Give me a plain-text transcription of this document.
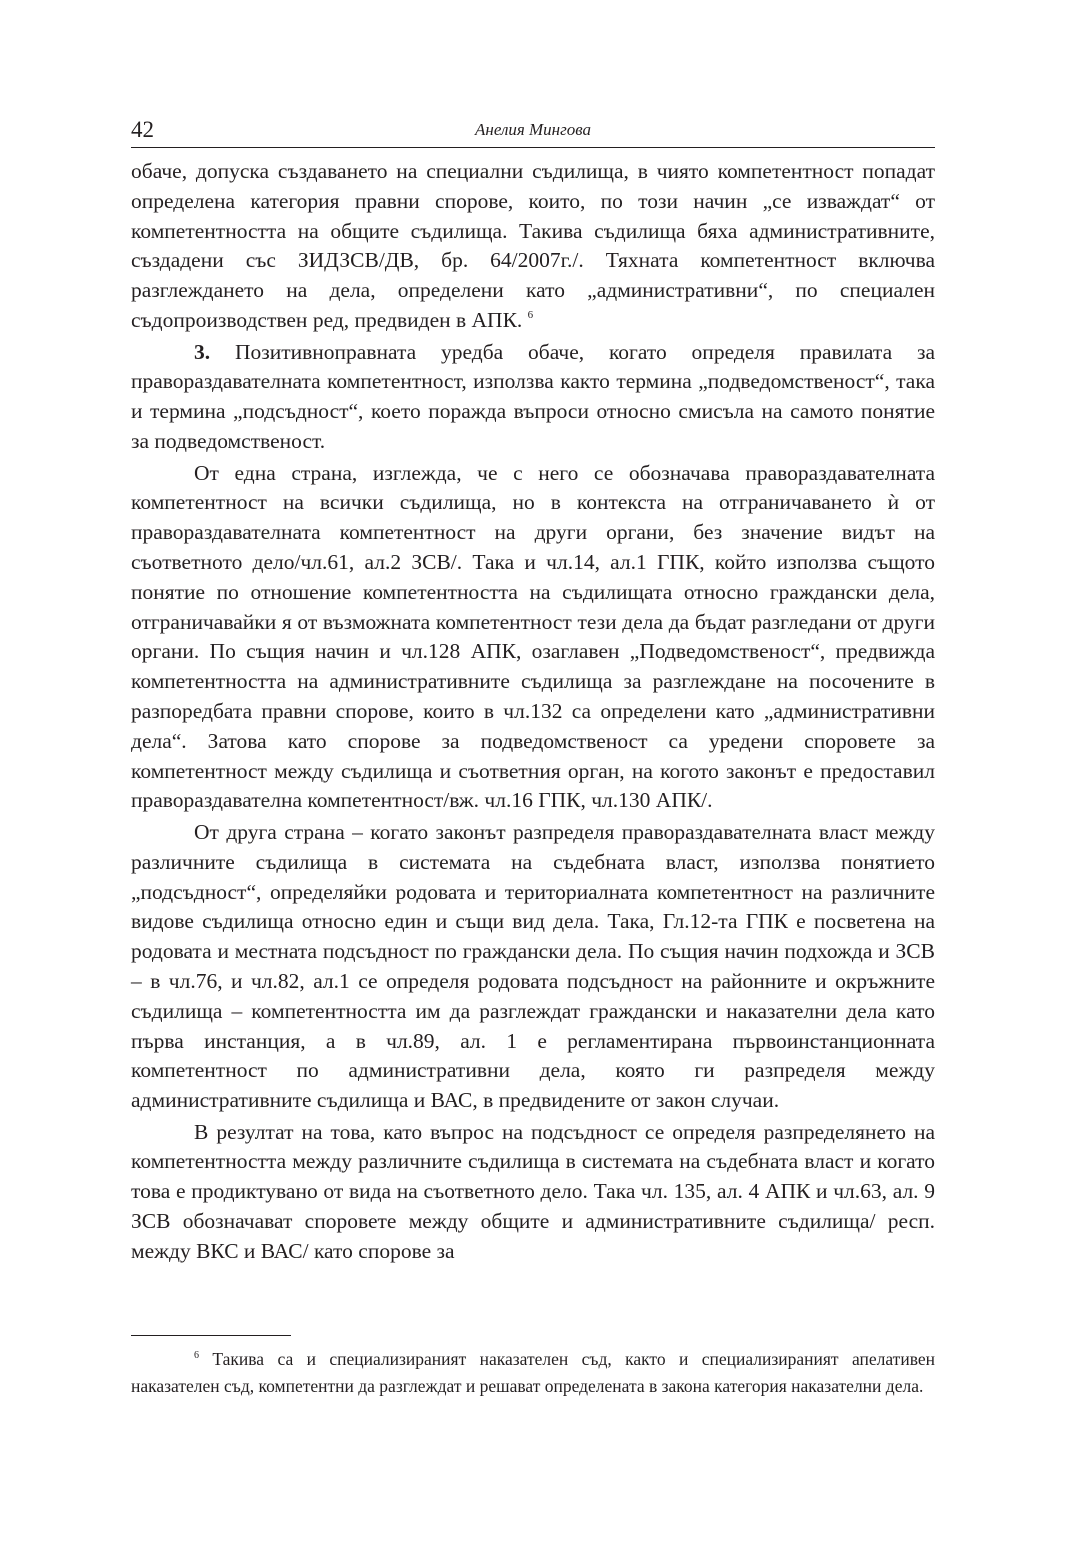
42	Анелия Мингова

обаче, допуска създаването на специални съдилища, в чиято компетентност попадат определена категория правни спорове, които, по този начин „се изваждат“ от компетентността на общите съдилища. Такива съдилища бяха административните, създадени със ЗИДЗСВ/ДВ, бр. 64/2007г./. Тяхната компетентност включва разглеждането на дела, определени като „административни“, по специален съдопроизводствен ред, предвиден в АПК. $^6$

3. Позитивноправната уредба обаче, когато определя правилата за правораздавателната компетентност, използва както термина „подведомственост“, така и термина „подсъдност“, което поражда въпроси относно смисъла на самото понятие за подведомственост.

От една страна, изглежда, че с него се обозначава правораздавателната компетентност на всички съдилища, но в контекста на отграничаването ѝ от правораздавателната компетентност на други органи, без значение видът на съответното дело/чл.61, ал.2 ЗСВ/. Така и чл.14, ал.1 ГПК, който използва същото понятие по отношение компетентността на съдилищата относно граждански дела, отграничавайки я от възможната компетентност тези дела да бъдат разгледани от други органи. По същия начин и чл.128 АПК, озаглавен „Подведомственост“, предвижда компетентността на административните съдилища за разглеждане на посочените в разпоредбата правни спорове, които в чл.132 са определени като „административни дела“. Затова като спорове за подведомственост са уредени споровете за компетентност между съдилища и съответния орган, на когото законът е предоставил правораздавателна компетентност/вж. чл.16 ГПК, чл.130 АПК/.

От друга страна – когато законът разпределя правораздавателната власт между различните съдилища в системата на съдебната власт, използва понятието „подсъдност“, определяйки родовата и териториалната компетентност на различните видове съдилища относно един и същи вид дела. Така, Гл.12-та ГПК е посветена на родовата и местната подсъдност по граждански дела. По същия начин подхожда и ЗСВ – в чл.76, и чл.82, ал.1 се определя родовата подсъдност на районните и окръжните съдилища – компетентността им да разглеждат граждански и наказателни дела като първа инстанция, а в чл.89, ал. 1 е регламентирана първоинстанционната компетентност по административни дела, която ги разпределя между административните съдилища и ВАС, в предвидените от закон случаи.

В резултат на това, като въпрос на подсъдност се определя разпределянето на компетентността между различните съдилища в системата на съдебната власт и когато това е продиктувано от вида на съответното дело. Така чл. 135, ал. 4 АПК и чл.63, ал. 9 ЗСВ обозначават споровете между общите и административните съдилища/ респ. между ВКС и ВАС/ като спорове за

$^6$ Такива са и специализираният наказателен съд, както и специализираният апелативен наказателен съд, компетентни да разглеждат и решават определената в закона категория наказателни дела.
